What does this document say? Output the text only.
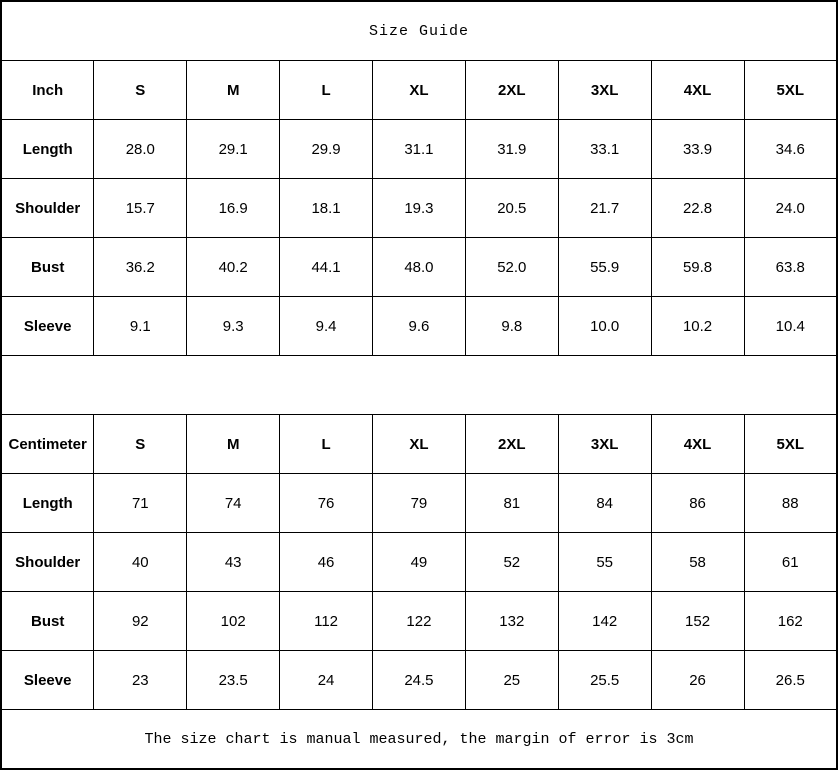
Size Guide								
Inch	S	M	L	XL	2XL	3XL	4XL	5XL
Length	28.0	29.1	29.9	31.1	31.9	33.1	33.9	34.6
Shoulder	15.7	16.9	18.1	19.3	20.5	21.7	22.8	24.0
Bust	36.2	40.2	44.1	48.0	52.0	55.9	59.8	63.8
Sleeve	9.1	9.3	9.4	9.6	9.8	10.0	10.2	10.4

Centimeter	S	M	L	XL	2XL	3XL	4XL	5XL
Length	71	74	76	79	81	84	86	88
Shoulder	40	43	46	49	52	55	58	61
Bust	92	102	112	122	132	142	152	162
Sleeve	23	23.5	24	24.5	25	25.5	26	26.5
The size chart is manual measured, the margin of error is 3cm								
